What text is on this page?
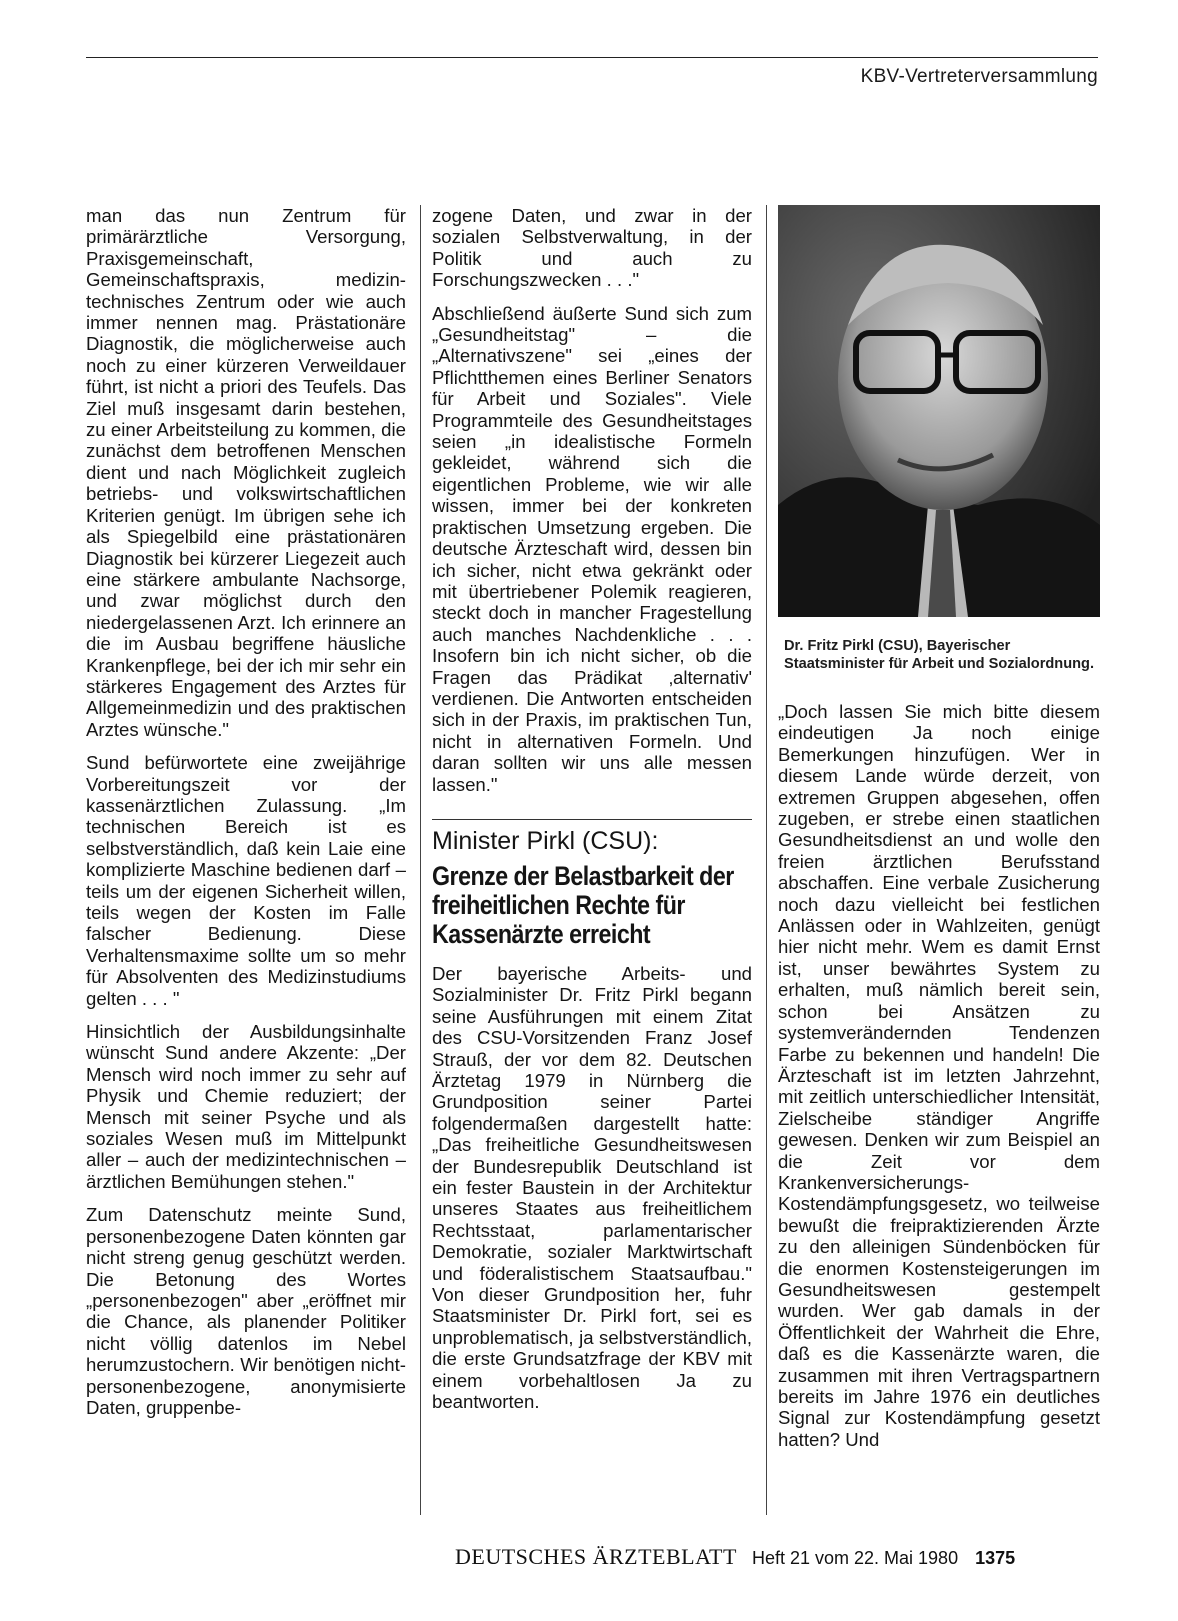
KBV-Vertreterversammlung

man das nun Zentrum für primärärztliche Versorgung, Praxisgemeinschaft, Gemeinschaftspraxis, medizin-technisches Zentrum oder wie auch immer nennen mag. Prästationäre Diagnostik, die möglicherweise auch noch zu einer kürzeren Verweildauer führt, ist nicht a priori des Teufels. Das Ziel muß insgesamt darin bestehen, zu einer Arbeitsteilung zu kommen, die zunächst dem betroffenen Menschen dient und nach Möglichkeit zugleich betriebs- und volkswirtschaftlichen Kriterien genügt. Im übrigen sehe ich als Spiegelbild eine prästationären Diagnostik bei kürzerer Liegezeit auch eine stärkere ambulante Nachsorge, und zwar möglichst durch den niedergelassenen Arzt. Ich erinnere an die im Ausbau begriffene häusliche Krankenpflege, bei der ich mir sehr ein stärkeres Engagement des Arztes für Allgemeinmedizin und des praktischen Arztes wünsche."

Sund befürwortete eine zweijährige Vorbereitungszeit vor der kassenärztlichen Zulassung. „Im technischen Bereich ist es selbstverständlich, daß kein Laie eine komplizierte Maschine bedienen darf – teils um der eigenen Sicherheit willen, teils wegen der Kosten im Falle falscher Bedienung. Diese Verhaltensmaxime sollte um so mehr für Absolventen des Medizinstudiums gelten . . . "

Hinsichtlich der Ausbildungsinhalte wünscht Sund andere Akzente: „Der Mensch wird noch immer zu sehr auf Physik und Chemie reduziert; der Mensch mit seiner Psyche und als soziales Wesen muß im Mittelpunkt aller – auch der medizintechnischen – ärztlichen Bemühungen stehen."

Zum Datenschutz meinte Sund, personenbezogene Daten könnten gar nicht streng genug geschützt werden. Die Betonung des Wortes „personenbezogen" aber „eröffnet mir die Chance, als planender Politiker nicht völlig datenlos im Nebel herumzustochern. Wir benötigen nicht-personenbezogene, anonymisierte Daten, gruppenbe-

zogene Daten, und zwar in der sozialen Selbstverwaltung, in der Politik und auch zu Forschungszwecken . . ."

Abschließend äußerte Sund sich zum „Gesundheitstag" – die „Alternativszene" sei „eines der Pflichtthemen eines Berliner Senators für Arbeit und Soziales". Viele Programmteile des Gesundheitstages seien „in idealistische Formeln gekleidet, während sich die eigentlichen Probleme, wie wir alle wissen, immer bei der konkreten praktischen Umsetzung ergeben. Die deutsche Ärzteschaft wird, dessen bin ich sicher, nicht etwa gekränkt oder mit übertriebener Polemik reagieren, steckt doch in mancher Fragestellung auch manches Nachdenkliche . . . Insofern bin ich nicht sicher, ob die Fragen das Prädikat ‚alternativ' verdienen. Die Antworten entscheiden sich in der Praxis, im praktischen Tun, nicht in alternativen Formeln. Und daran sollten wir uns alle messen lassen."

Minister Pirkl (CSU):
Grenze der Belastbarkeit der freiheitlichen Rechte für Kassenärzte erreicht

Der bayerische Arbeits- und Sozialminister Dr. Fritz Pirkl begann seine Ausführungen mit einem Zitat des CSU-Vorsitzenden Franz Josef Strauß, der vor dem 82. Deutschen Ärztetag 1979 in Nürnberg die Grundposition seiner Partei folgendermaßen dargestellt hatte: „Das freiheitliche Gesundheitswesen der Bundesrepublik Deutschland ist ein fester Baustein in der Architektur unseres Staates aus freiheitlichem Rechtsstaat, parlamentarischer Demokratie, sozialer Marktwirtschaft und föderalistischem Staatsaufbau." Von dieser Grundposition her, fuhr Staatsminister Dr. Pirkl fort, sei es unproblematisch, ja selbstverständlich, die erste Grundsatzfrage der KBV mit einem vorbehaltlosen Ja zu beantworten.

Dr. Fritz Pirkl (CSU), Bayerischer Staatsminister für Arbeit und Sozialordnung.

„Doch lassen Sie mich bitte diesem eindeutigen Ja noch einige Bemerkungen hinzufügen. Wer in diesem Lande würde derzeit, von extremen Gruppen abgesehen, offen zugeben, er strebe einen staatlichen Gesundheitsdienst an und wolle den freien ärztlichen Berufsstand abschaffen. Eine verbale Zusicherung noch dazu vielleicht bei festlichen Anlässen oder in Wahlzeiten, genügt hier nicht mehr. Wem es damit Ernst ist, unser bewährtes System zu erhalten, muß nämlich bereit sein, schon bei Ansätzen zu systemverändernden Tendenzen Farbe zu bekennen und handeln! Die Ärzteschaft ist im letzten Jahrzehnt, mit zeitlich unterschiedlicher Intensität, Zielscheibe ständiger Angriffe gewesen. Denken wir zum Beispiel an die Zeit vor dem Krankenversicherungs-Kostendämpfungsgesetz, wo teilweise bewußt die freipraktizierenden Ärzte zu den alleinigen Sündenböcken für die enormen Kostensteigerungen im Gesundheitswesen gestempelt wurden. Wer gab damals in der Öffentlichkeit der Wahrheit die Ehre, daß es die Kassenärzte waren, die zusammen mit ihren Vertragspartnern bereits im Jahre 1976 ein deutliches Signal zur Kostendämpfung gesetzt hatten? Und

DEUTSCHES ÄRZTEBLATT Heft 21 vom 22. Mai 1980 1375
